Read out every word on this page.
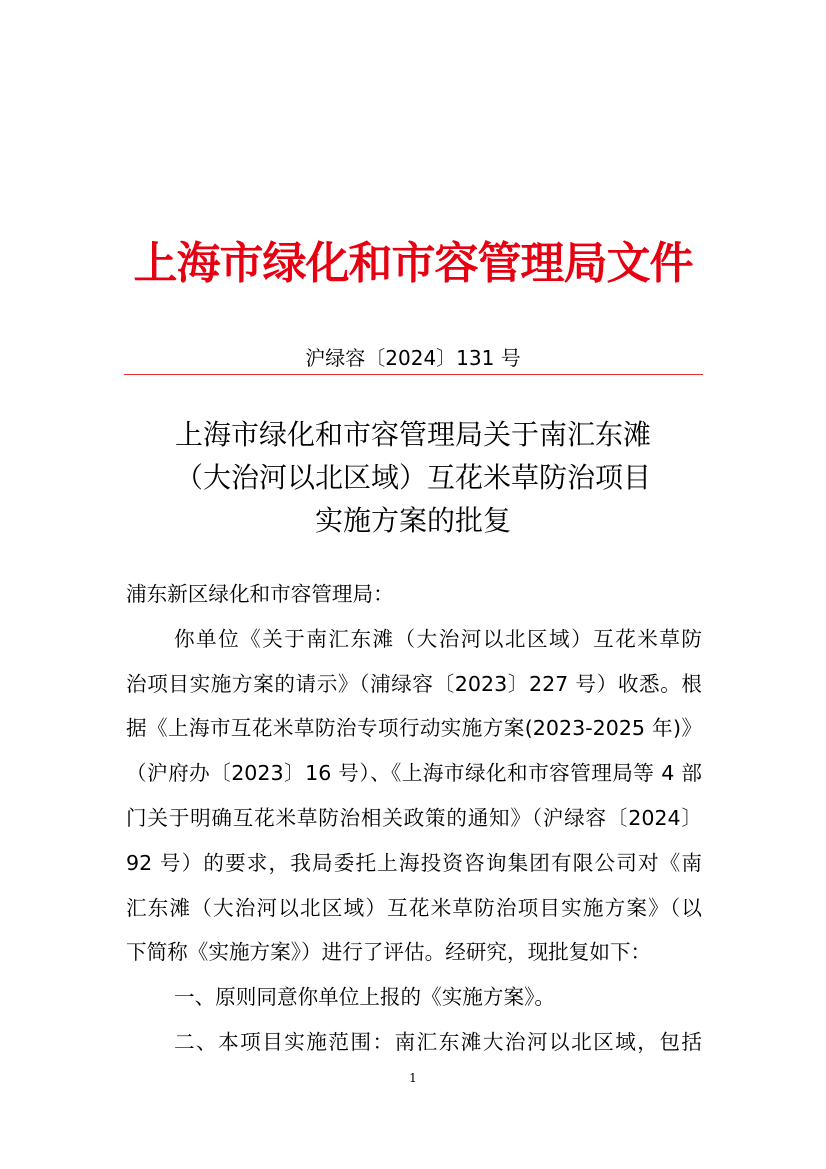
上海市绿化和市容管理局文件
沪绿容〔2024〕131 号
上海市绿化和市容管理局关于南汇东滩
（大治河以北区域）互花米草防治项目
实施方案的批复
浦东新区绿化和市容管理局：
你单位《关于南汇东滩（大治河以北区域）互花米草防
治项目实施方案的请示》（浦绿容〔2023〕227 号）收悉。根
据《上海市互花米草防治专项行动实施方案(2023-2025 年)》
（沪府办〔2023〕16 号）、《上海市绿化和市容管理局等 4 部
门关于明确互花米草防治相关政策的通知》（沪绿容〔2024〕
92 号）的要求，我局委托上海投资咨询集团有限公司对《南
汇东滩（大治河以北区域）互花米草防治项目实施方案》（以
下简称《实施方案》）进行了评估。经研究，现批复如下：
一、原则同意你单位上报的《实施方案》。
二、本项目实施范围：南汇东滩大治河以北区域，包括
1
